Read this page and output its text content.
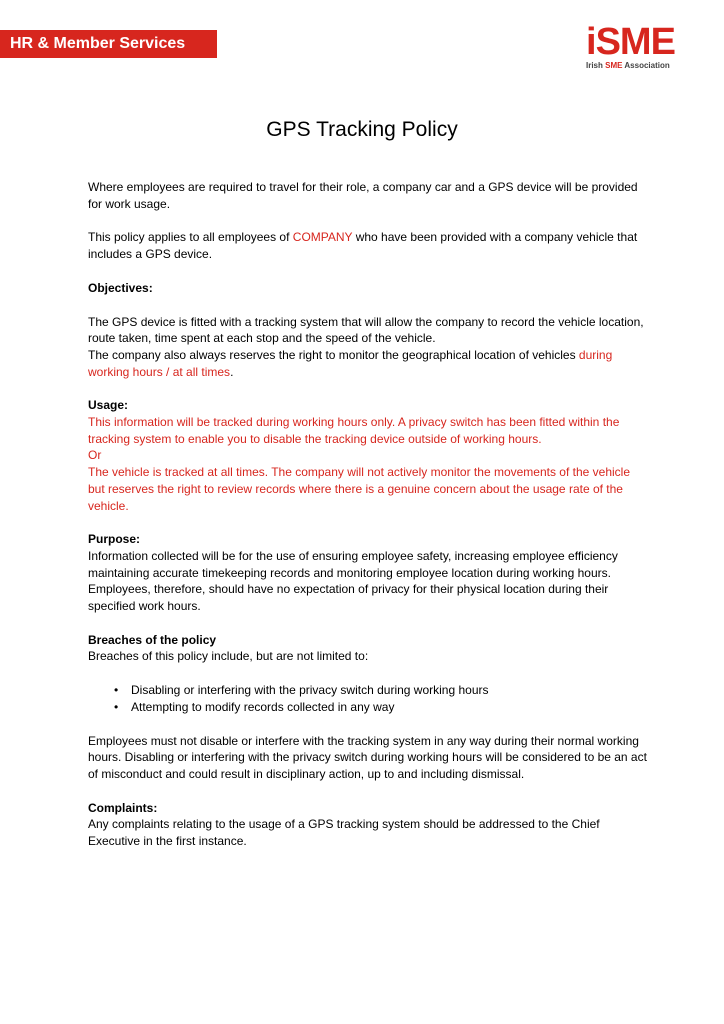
HR & Member Services	iSME
Irish SME Association
GPS Tracking Policy

Where employees are required to travel for their role, a company car and a GPS device will be provided for work usage.

This policy applies to all employees of COMPANY who have been provided with a company vehicle that includes a GPS device.

Objectives:

The GPS device is fitted with a tracking system that will allow the company to record the vehicle location, route taken, time spent at each stop and the speed of the vehicle.

The company also always reserves the right to monitor the geographical location of vehicles during working hours / at all times.

Usage:

This information will be tracked during working hours only. A privacy switch has been fitted within the tracking system to enable you to disable the tracking device outside of working hours.

Or

The vehicle is tracked at all times. The company will not actively monitor the movements of the vehicle but reserves the right to review records where there is a genuine concern about the usage rate of the vehicle.

Purpose:

Information collected will be for the use of ensuring employee safety, increasing employee efficiency maintaining accurate timekeeping records and monitoring employee location during working hours. Employees, therefore, should have no expectation of privacy for their physical location during their specified work hours.

Breaches of the policy

Breaches of this policy include, but are not limited to:

• Disabling or interfering with the privacy switch during working hours
• Attempting to modify records collected in any way

Employees must not disable or interfere with the tracking system in any way during their normal working hours. Disabling or interfering with the privacy switch during working hours will be considered to be an act of misconduct and could result in disciplinary action, up to and including dismissal.

Complaints:

Any complaints relating to the usage of a GPS tracking system should be addressed to the Chief Executive in the first instance.
